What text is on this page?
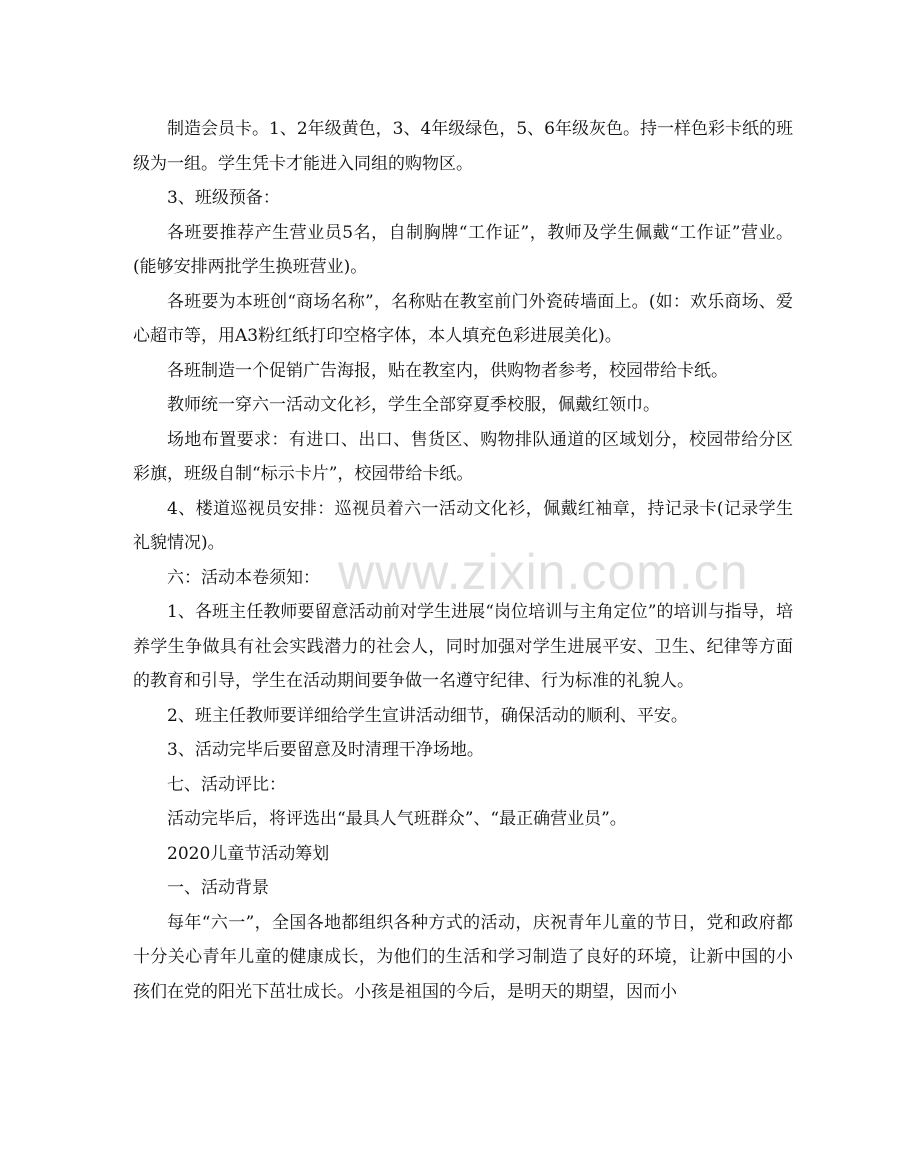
制造会员卡。1、2年级黄色，3、4年级绿色，5、6年级灰色。持一样色彩卡纸的班级为一组。学生凭卡才能进入同组的购物区。

3、班级预备：

各班要推荐产生营业员5名，自制胸牌“工作证”，教师及学生佩戴“工作证”营业。(能够安排两批学生换班营业)。

各班要为本班创“商场名称”，名称贴在教室前门外瓷砖墙面上。(如：欢乐商场、爱心超市等，用A3粉红纸打印空格字体，本人填充色彩进展美化)。

各班制造一个促销广告海报，贴在教室内，供购物者参考，校园带给卡纸。

教师统一穿六一活动文化衫，学生全部穿夏季校服，佩戴红领巾。

场地布置要求：有进口、出口、售货区、购物排队通道的区域划分，校园带给分区彩旗，班级自制“标示卡片”，校园带给卡纸。

4、楼道巡视员安排：巡视员着六一活动文化衫，佩戴红袖章，持记录卡(记录学生礼貌情况)。

六：活动本卷须知：

1、各班主任教师要留意活动前对学生进展“岗位培训与主角定位”的培训与指导，培养学生争做具有社会实践潜力的社会人，同时加强对学生进展平安、卫生、纪律等方面的教育和引导，学生在活动期间要争做一名遵守纪律、行为标准的礼貌人。

2、班主任教师要详细给学生宣讲活动细节，确保活动的顺利、平安。

3、活动完毕后要留意及时清理干净场地。

七、活动评比：

活动完毕后，将评选出“最具人气班群众”、“最正确营业员”。

2020儿童节活动筹划

一、活动背景

每年“六一”，全国各地都组织各种方式的活动，庆祝青年儿童的节日，党和政府都十分关心青年儿童的健康成长，为他们的生活和学习制造了良好的环境，让新中国的小孩们在党的阳光下茁壮成长。小孩是祖国的今后，是明天的期望，因而小

www.zixin.com.cn
